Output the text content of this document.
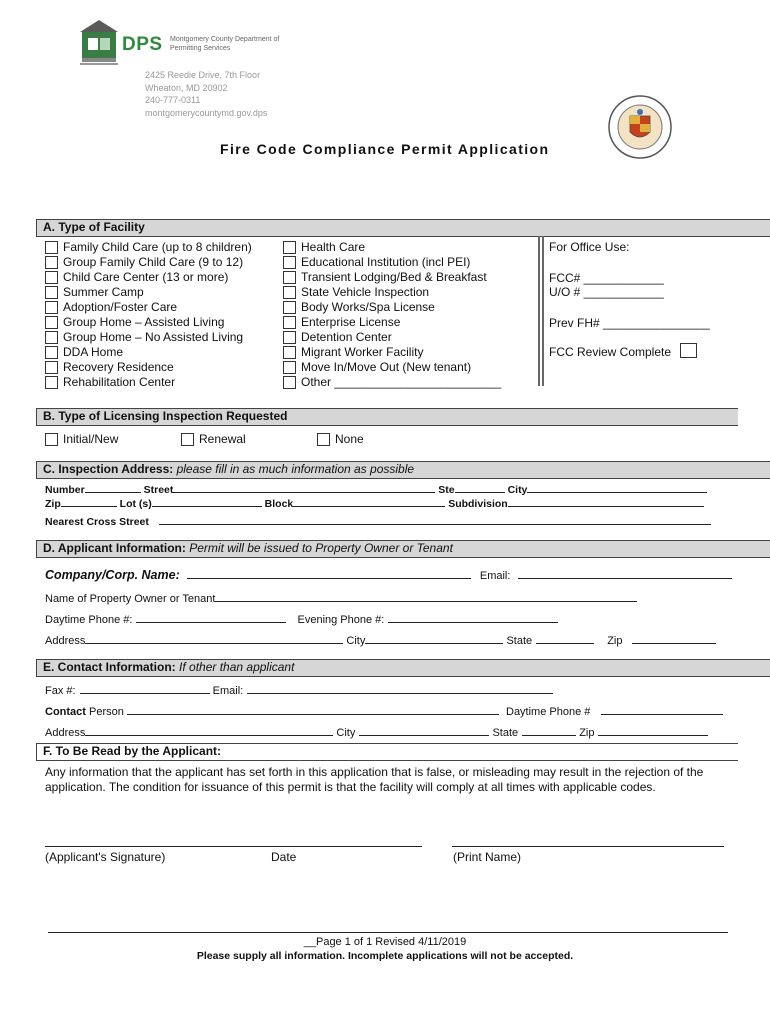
DPS Montgomery County Department of Permitting Services
2425 Reedie Drive, 7th Floor
Wheaton, MD 20902
240-777-0311
montgomerycountymd.gov.dps
Fire Code Compliance Permit Application
A. Type of Facility
Family Child Care (up to 8 children)
Group Family Child Care (9 to 12)
Child Care Center (13 or more)
Summer Camp
Adoption/Foster Care
Group Home – Assisted Living
Group Home – No Assisted Living
DDA Home
Recovery Residence
Rehabilitation Center
Health Care
Educational Institution (incl PEI)
Transient Lodging/Bed & Breakfast
State Vehicle Inspection
Body Works/Spa License
Enterprise License
Detention Center
Migrant Worker Facility
Move In/Move Out (New tenant)
Other _________________________
For Office Use:
FCC# ____________
U/O # ____________
Prev FH# ________________
FCC Review Complete
B. Type of Licensing Inspection Requested
Initial/New	Renewal	None
C. Inspection Address: please fill in as much information as possible
Number	Street	Ste	City
Zip	Lot (s)	Block	Subdivision
Nearest Cross Street
D. Applicant Information: Permit will be issued to Property Owner or Tenant
Company/Corp. Name:	Email:
Name of Property Owner or Tenant
Daytime Phone #:	Evening Phone #:
Address	City	State	Zip
E. Contact Information: If other than applicant
Fax #:	Email:
Contact Person	Daytime Phone #
Address	City	State	Zip
F. To Be Read by the Applicant:
Any information that the applicant has set forth in this application that is false, or misleading may result in the rejection of the application. The condition for issuance of this permit is that the facility will comply at all times with applicable codes.
(Applicant's Signature)	Date	(Print Name)
__Page 1 of 1 Revised 4/11/2019
Please supply all information. Incomplete applications will not be accepted.
